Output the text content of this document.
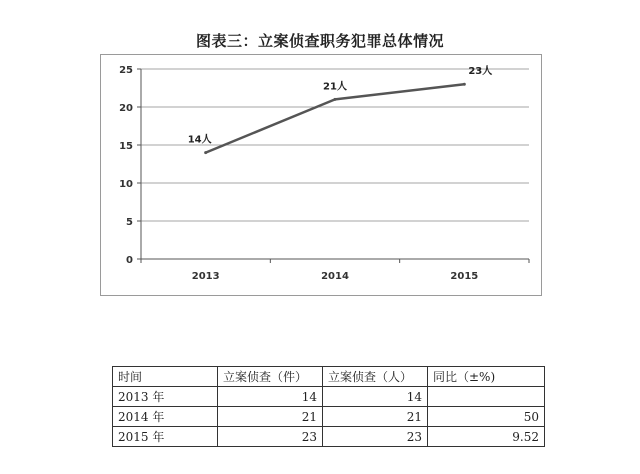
图表三：立案侦查职务犯罪总体情况
0
5
10
15
20
25
2013	2014	2015
14人
21人
23人
时间	立案侦查（件）	立案侦查（人）	同比（±%)
2013 年	14	14	
2014 年	21	21	50
2015 年	23	23	9.52
